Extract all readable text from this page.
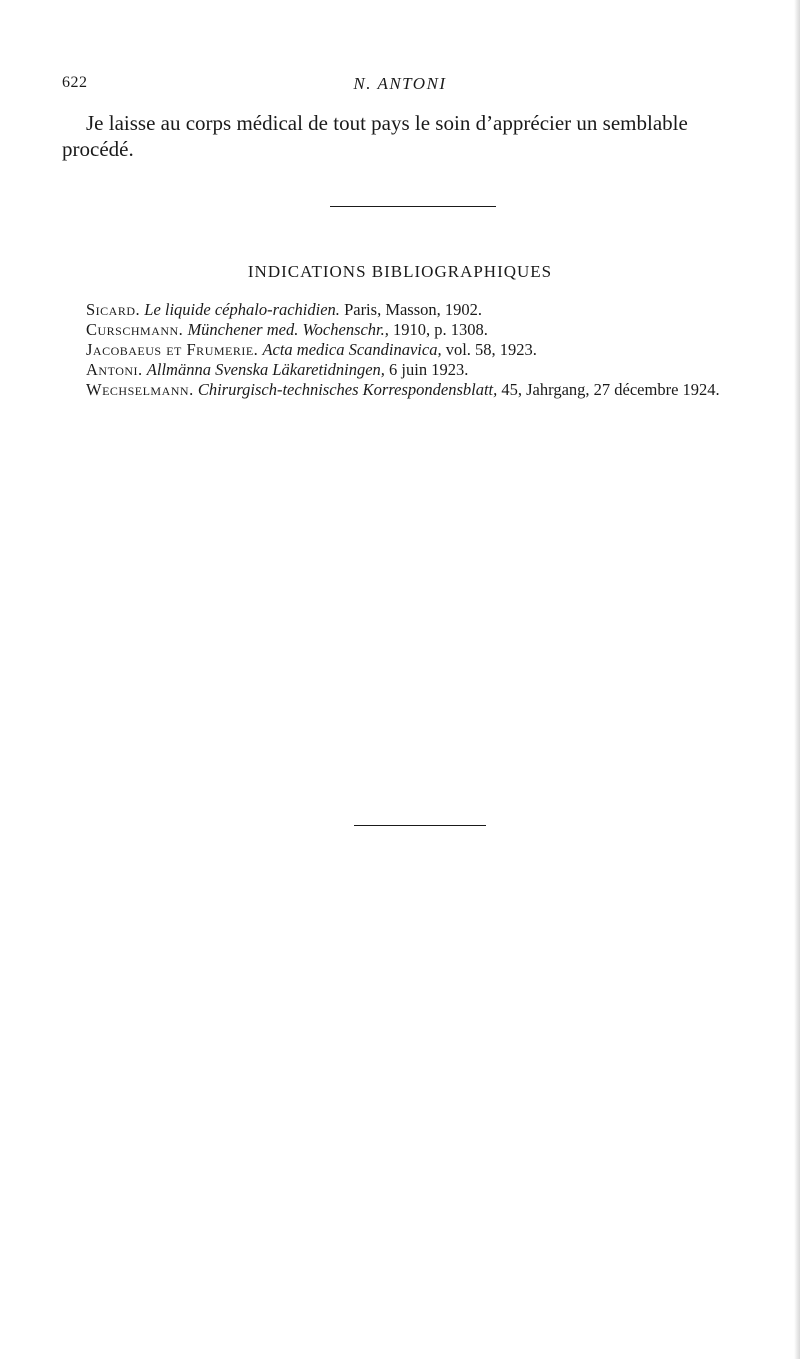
622	N. ANTONI

Je laisse au corps médical de tout pays le soin d’apprécier un semblable procédé.

INDICATIONS BIBLIOGRAPHIQUES
Sicard. Le liquide céphalo-rachidien. Paris, Masson, 1902.
Curschmann. Münchener med. Wochenschr., 1910, p. 1308.
Jacobaeus et Frumerie. Acta medica Scandinavica, vol. 58, 1923.
Antoni. Allmänna Svenska Läkaretidningen, 6 juin 1923.
Wechselmann. Chirurgisch-technisches Korrespondensblatt, 45, Jahrgang, 27 décembre 1924.
